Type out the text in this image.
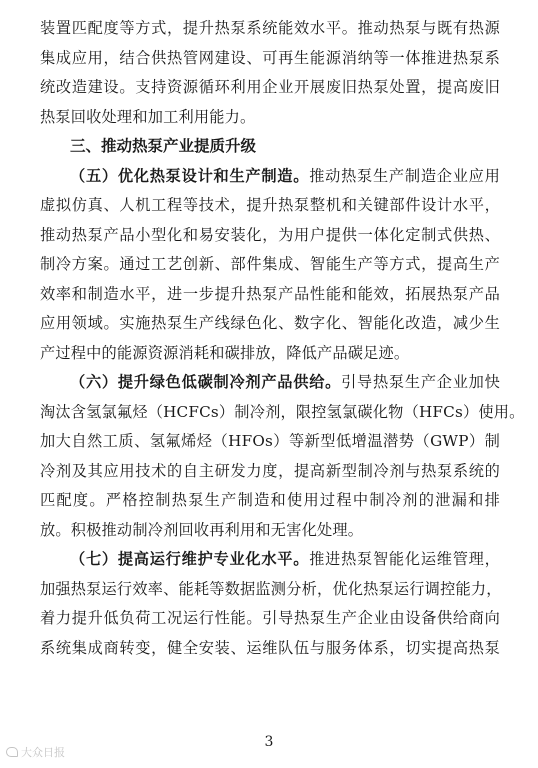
装置匹配度等方式，提升热泵系统能效水平。推动热泵与既有热源
集成应用，结合供热管网建设、可再生能源消纳等一体推进热泵系
统改造建设。支持资源循环利用企业开展废旧热泵处置，提高废旧
热泵回收处理和加工利用能力。
三、推动热泵产业提质升级
（五）优化热泵设计和生产制造。推动热泵生产制造企业应用
虚拟仿真、人机工程等技术，提升热泵整机和关键部件设计水平，
推动热泵产品小型化和易安装化，为用户提供一体化定制式供热、
制冷方案。通过工艺创新、部件集成、智能生产等方式，提高生产
效率和制造水平，进一步提升热泵产品性能和能效，拓展热泵产品
应用领域。实施热泵生产线绿色化、数字化、智能化改造，减少生
产过程中的能源资源消耗和碳排放，降低产品碳足迹。
（六）提升绿色低碳制冷剂产品供给。引导热泵生产企业加快
淘汰含氢氯氟烃（HCFCs）制冷剂，限控氢氯碳化物（HFCs）使用。
加大自然工质、氢氟烯烃（HFOs）等新型低增温潜势（GWP）制
冷剂及其应用技术的自主研发力度，提高新型制冷剂与热泵系统的
匹配度。严格控制热泵生产制造和使用过程中制冷剂的泄漏和排
放。积极推动制冷剂回收再利用和无害化处理。
（七）提高运行维护专业化水平。推进热泵智能化运维管理，
3
大众日报
加强热泵运行效率、能耗等数据监测分析，优化热泵运行调控能力，
着力提升低负荷工况运行性能。引导热泵生产企业由设备供给商向
系统集成商转变，健全安装、运维队伍与服务体系，切实提高热泵
